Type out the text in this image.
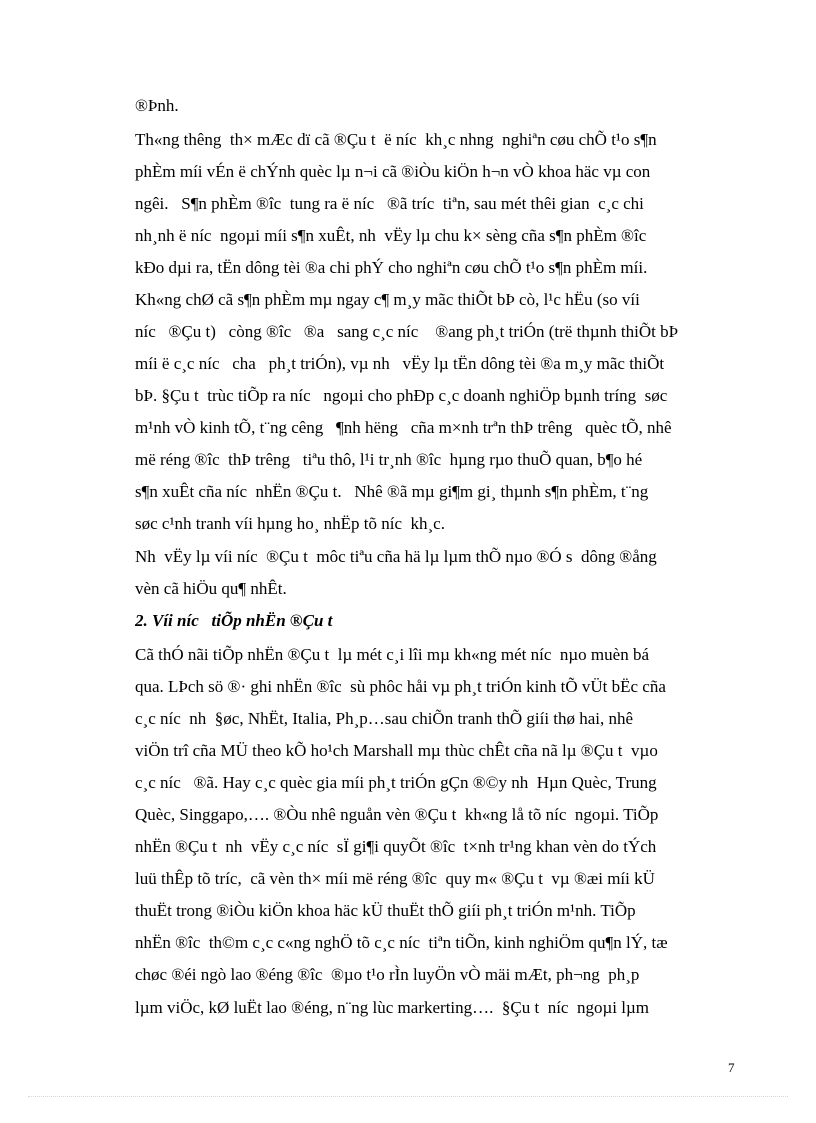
®Þnh.
Th«ng thêng  th× mÆc dï cã ®Çu t  ë níc  kh¸c nhng  nghiªn cøu chÕ t¹o s¶n
phÈm míi vÉn ë chÝnh quèc lµ n¬i cã ®iÒu kiÖn h¬n vÒ khoa häc vµ con
ngêi.   S¶n phÈm ®îc  tung ra ë níc   ®ã tríc  tiªn, sau mét thêi gian  c¸c chi
nh¸nh ë níc  ngoµi míi s¶n xuÊt, nh  vËy lµ chu k× sèng cña s¶n phÈm ®îc
kÐo dµi ra, tËn dông tèi ®a chi phÝ cho nghiªn cøu chÕ t¹o s¶n phÈm míi.
Kh«ng chØ cã s¶n phÈm mµ ngay c¶ m¸y mãc thiÕt bÞ cò, l¹c hËu (so víi
níc   ®Çu t)   còng ®îc   ®a   sang c¸c níc    ®ang ph¸t triÓn (trë thµnh thiÕt bÞ
míi ë c¸c níc   cha   ph¸t triÓn), vµ nh   vËy lµ tËn dông tèi ®a m¸y mãc thiÕt
bÞ. §Çu t  trùc tiÕp ra níc   ngoµi cho phÐp c¸c doanh nghiÖp bµnh tríng  søc
m¹nh vÒ kinh tÕ, t¨ng cêng   ¶nh hëng   cña m×nh trªn thÞ trêng   quèc tÕ, nhê
më réng ®îc  thÞ trêng   tiªu thô, l¹i tr¸nh ®îc  hµng rµo thuÕ quan, b¶o hé
s¶n xuÊt cña níc  nhËn ®Çu t.   Nhê ®ã mµ gi¶m gi¸ thµnh s¶n phÈm, t¨ng
søc c¹nh tranh víi hµng ho¸ nhËp tõ níc  kh¸c.
Nh  vËy lµ víi níc  ®Çu t  môc tiªu cña hä lµ lµm thÕ nµo ®Ó s  dông ®ång
vèn cã hiÖu qu¶ nhÊt.
2. Víi níc   tiÕp nhËn ®Çu t
Cã thÓ nãi tiÕp nhËn ®Çu t  lµ mét c¸i lîi mµ kh«ng mét níc  nµo muèn bá
qua. LÞch sö ®· ghi nhËn ®îc  sù phôc håi vµ ph¸t triÓn kinh tÕ vÜt bËc cña
c¸c níc  nh  §øc, NhËt, Italia, Ph¸p…sau chiÕn tranh thÕ giíi thø hai, nhê
viÖn trî cña MÜ theo kÕ ho¹ch Marshall mµ thùc chÊt cña nã lµ ®Çu t  vµo
c¸c níc   ®ã. Hay c¸c quèc gia míi ph¸t triÓn gÇn ®©y nh  Hµn Quèc, Trung
Quèc, Singgapo,…. ®Òu nhê nguån vèn ®Çu t  kh«ng lå tõ níc  ngoµi. TiÕp
nhËn ®Çu t  nh  vËy c¸c níc  sÏ gi¶i quyÕt ®îc  t×nh tr¹ng khan vèn do tÝch
luü thÊp tõ tríc,  cã vèn th× míi më réng ®îc  quy m« ®Çu t  vµ ®æi míi kÜ
thuËt trong ®iÒu kiÖn khoa häc kÜ thuËt thÕ giíi ph¸t triÓn m¹nh. TiÕp
nhËn ®îc  th©m c¸c c«ng nghÖ tõ c¸c níc  tiªn tiÕn, kinh nghiÖm qu¶n lÝ, tæ
chøc ®éi ngò lao ®éng ®îc  ®µo t¹o rÌn luyÖn vÒ mäi mÆt, ph¬ng  ph¸p
lµm viÖc, kØ luËt lao ®éng, n¨ng lùc markerting….  §Çu t  níc  ngoµi lµm
7
